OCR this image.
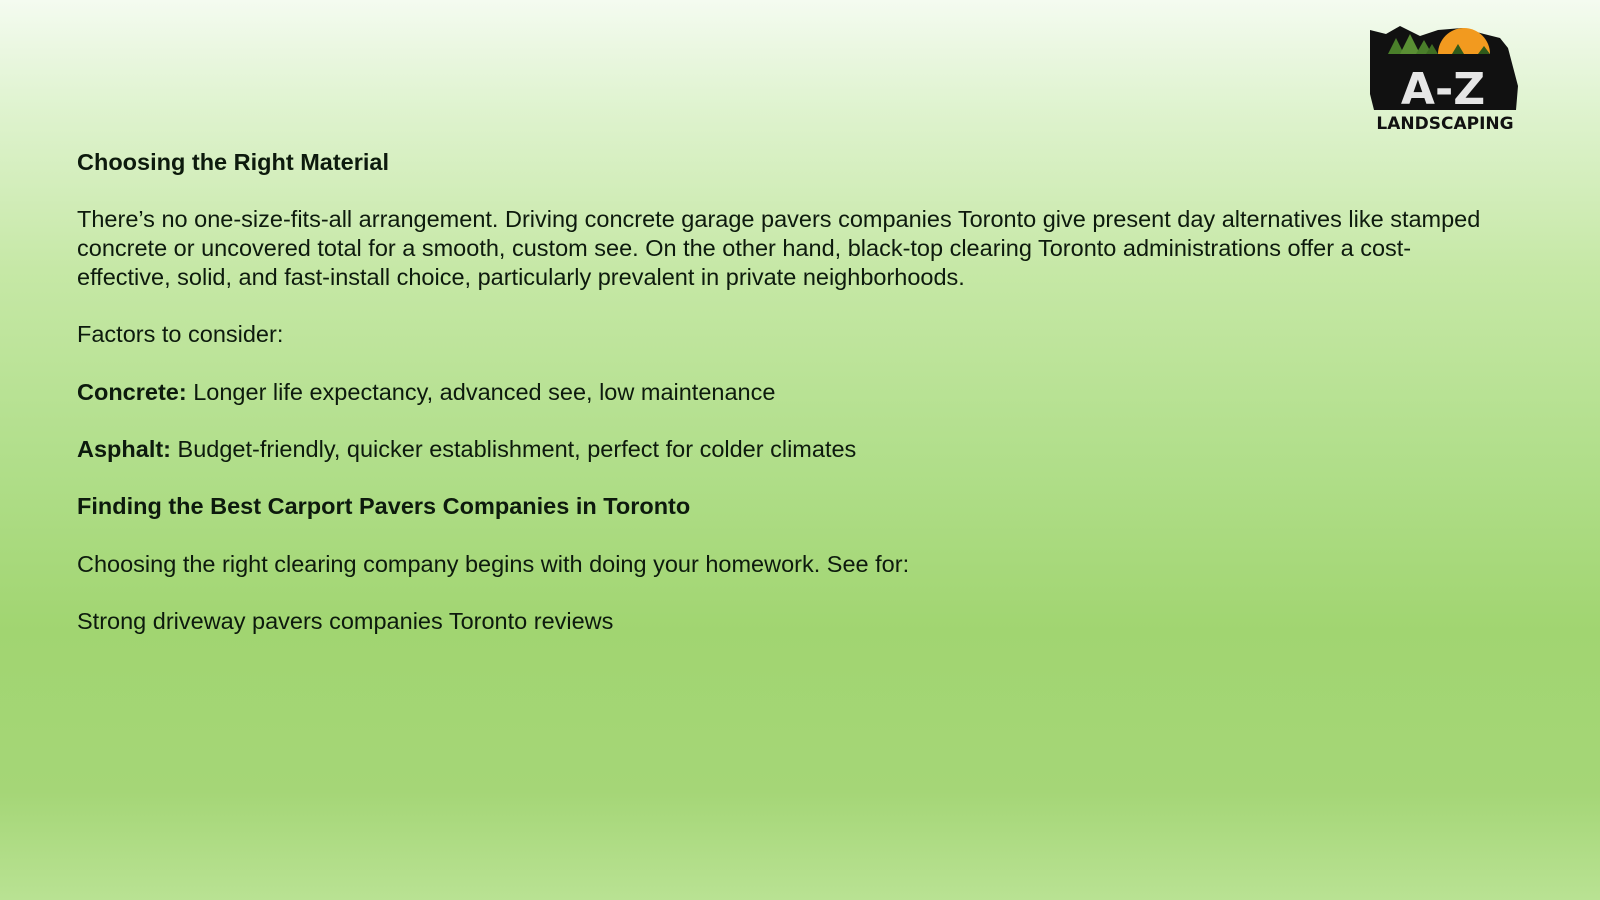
A-Z
LANDSCAPING

Choosing the Right Material

There’s no one-size-fits-all arrangement. Driving concrete garage pavers companies Toronto give present day alternatives like stamped concrete or uncovered total for a smooth, custom see. On the other hand, black-top clearing Toronto administrations offer a cost-effective, solid, and fast-install choice, particularly prevalent in private neighborhoods.

Factors to consider:

Concrete: Longer life expectancy, advanced see, low maintenance

Asphalt: Budget-friendly, quicker establishment, perfect for colder climates

Finding the Best Carport Pavers Companies in Toronto

Choosing the right clearing company begins with doing your homework. See for:

Strong driveway pavers companies Toronto reviews
